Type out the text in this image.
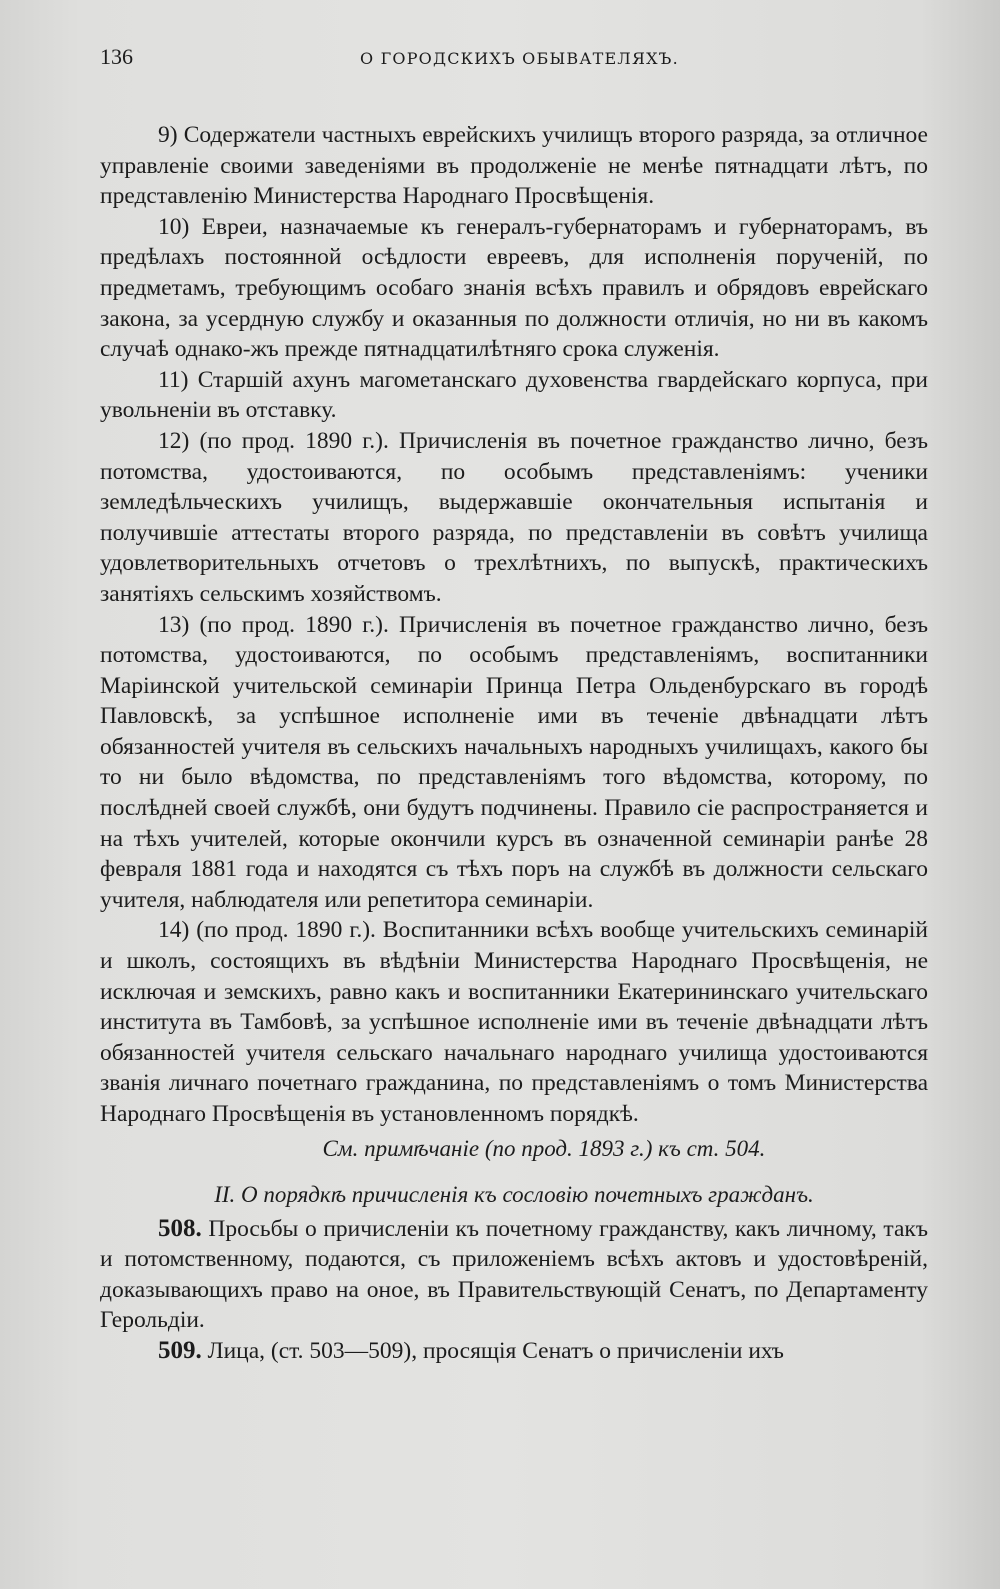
136	О ГОРОДСКИХЪ ОБЫВАТЕЛЯХЪ.

9) Содержатели частныхъ еврейскихъ училищъ второго разряда, за отличное управленіе своими заведеніями въ продолженіе не менѣе пятнадцати лѣтъ, по представленію Министерства Народнаго Просвѣщенія.

10) Евреи, назначаемые къ генералъ-губернаторамъ и губернаторамъ, въ предѣлахъ постоянной осѣдлости евреевъ, для исполненія порученій, по предметамъ, требующимъ особаго знанія всѣхъ правилъ и обрядовъ еврейскаго закона, за усердную службу и оказанныя по должности отличія, но ни въ какомъ случаѣ однако-жъ прежде пятнадцатилѣтняго срока служенія.

11) Старшій ахунъ магометанскаго духовенства гвардейскаго корпуса, при увольненіи въ отставку.

12) (по прод. 1890 г.). Причисленія въ почетное гражданство лично, безъ потомства, удостоиваются, по особымъ представленіямъ: ученики земледѣльческихъ училищъ, выдержавшіе окончательныя испытанія и получившіе аттестаты второго разряда, по представленіи въ совѣтъ училища удовлетворительныхъ отчетовъ о трехлѣтнихъ, по выпускѣ, практическихъ занятіяхъ сельскимъ хозяйствомъ.

13) (по прод. 1890 г.). Причисленія въ почетное гражданство лично, безъ потомства, удостоиваются, по особымъ представленіямъ, воспитанники Маріинской учительской семинаріи Принца Петра Ольденбурскаго въ городѣ Павловскѣ, за успѣшное исполненіе ими въ теченіе двѣнадцати лѣтъ обязанностей учителя въ сельскихъ начальныхъ народныхъ училищахъ, какого бы то ни было вѣдомства, по представленіямъ того вѣдомства, которому, по послѣдней своей службѣ, они будутъ подчинены. Правило сіе распространяется и на тѣхъ учителей, которые окончили курсъ въ означенной семинаріи ранѣе 28 февраля 1881 года и находятся съ тѣхъ поръ на службѣ въ должности сельскаго учителя, наблюдателя или репетитора семинаріи.

14) (по прод. 1890 г.). Воспитанники всѣхъ вообще учительскихъ семинарій и школъ, состоящихъ въ вѣдѣніи Министерства Народнаго Просвѣщенія, не исключая и земскихъ, равно какъ и воспитанники Екатерининскаго учительскаго института въ Тамбовѣ, за успѣшное исполненіе ими въ теченіе двѣнадцати лѣтъ обязанностей учителя сельскаго начальнаго народнаго училища удостоиваются званія личнаго почетнаго гражданина, по представленіямъ о томъ Министерства Народнаго Просвѣщенія въ установленномъ порядкѣ.

См. примѣчаніе (по прод. 1893 г.) къ ст. 504.

II. О порядкѣ причисленія къ сословію почетныхъ гражданъ.

508. Просьбы о причисленіи къ почетному гражданству, какъ личному, такъ и потомственному, подаются, съ приложеніемъ всѣхъ актовъ и удостовѣреній, доказывающихъ право на оное, въ Правительствующій Сенатъ, по Департаменту Герольдіи.

509. Лица, (ст. 503—509), просящія Сенатъ о причисленіи ихъ
